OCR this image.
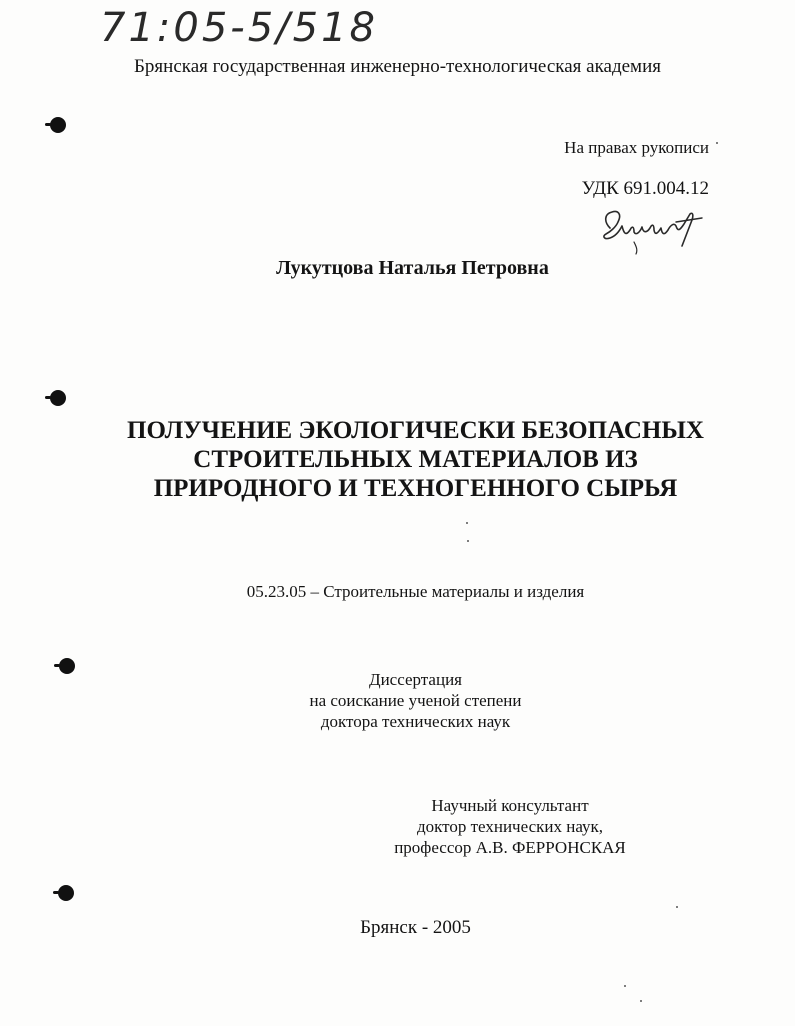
71:05-5/518
Брянская государственная инженерно-технологическая академия
На правах рукописи
УДК 691.004.12
Лукутцова Наталья Петровна
ПОЛУЧЕНИЕ ЭКОЛОГИЧЕСКИ БЕЗОПАСНЫХ
СТРОИТЕЛЬНЫХ МАТЕРИАЛОВ ИЗ
ПРИРОДНОГО И ТЕХНОГЕННОГО СЫРЬЯ
05.23.05 – Строительные материалы и изделия
Диссертация
на соискание ученой степени
доктора технических наук
Научный консультант
доктор технических наук,
профессор А.В. ФЕРРОНСКАЯ
Брянск - 2005
